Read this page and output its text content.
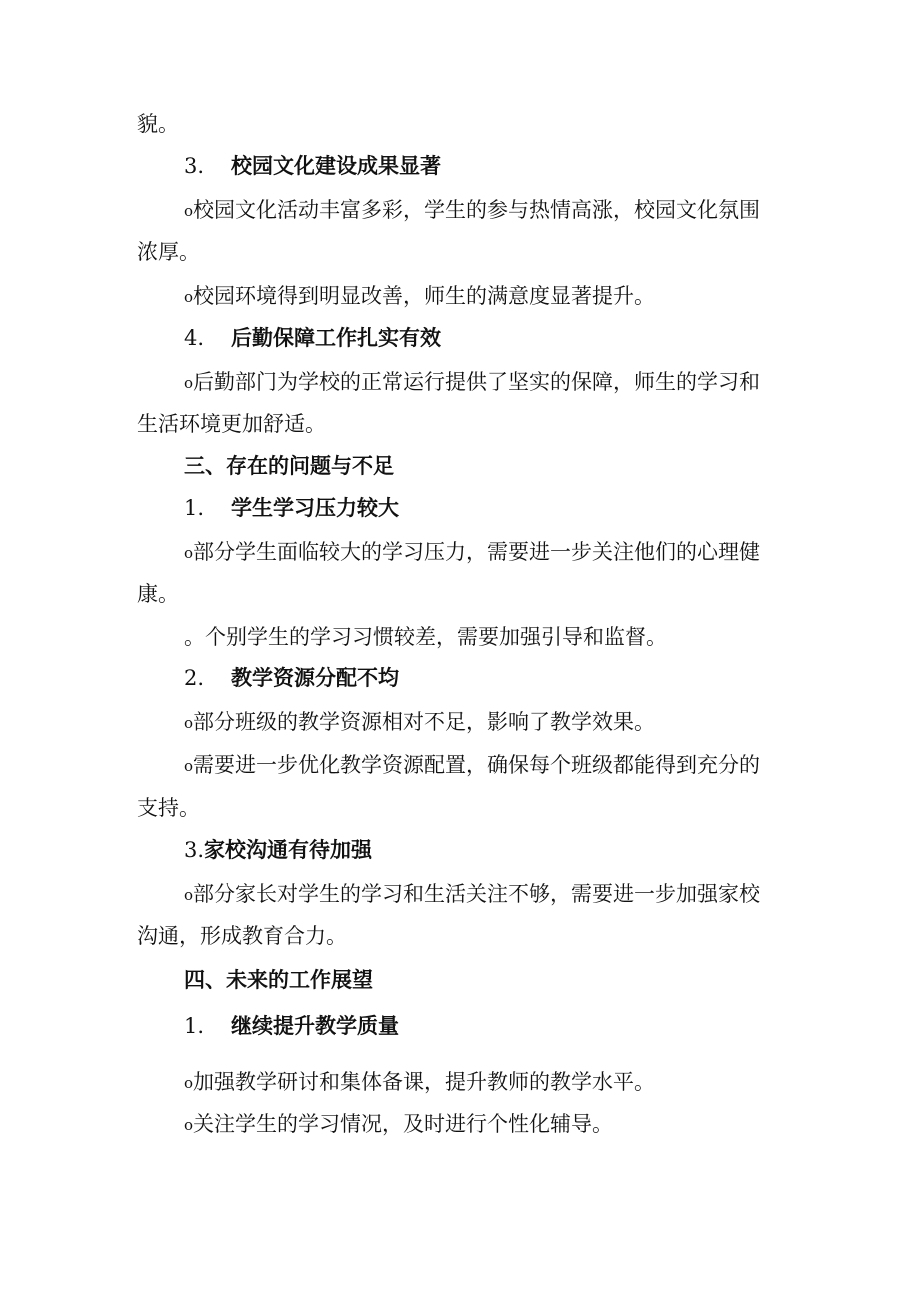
貌。
3. 校园文化建设成果显著
o校园文化活动丰富多彩，学生的参与热情高涨，校园文化氛围
浓厚。
o校园环境得到明显改善，师生的满意度显著提升。
4. 后勤保障工作扎实有效
o后勤部门为学校的正常运行提供了坚实的保障，师生的学习和
生活环境更加舒适。
三、存在的问题与不足
1. 学生学习压力较大
o部分学生面临较大的学习压力，需要进一步关注他们的心理健
康。
。个别学生的学习习惯较差，需要加强引导和监督。
2. 教学资源分配不均
o部分班级的教学资源相对不足，影响了教学效果。
o需要进一步优化教学资源配置，确保每个班级都能得到充分的
支持。
3.家校沟通有待加强
o部分家长对学生的学习和生活关注不够，需要进一步加强家校
沟通，形成教育合力。
四、未来的工作展望
1. 继续提升教学质量
o加强教学研讨和集体备课，提升教师的教学水平。
o关注学生的学习情况，及时进行个性化辅导。
